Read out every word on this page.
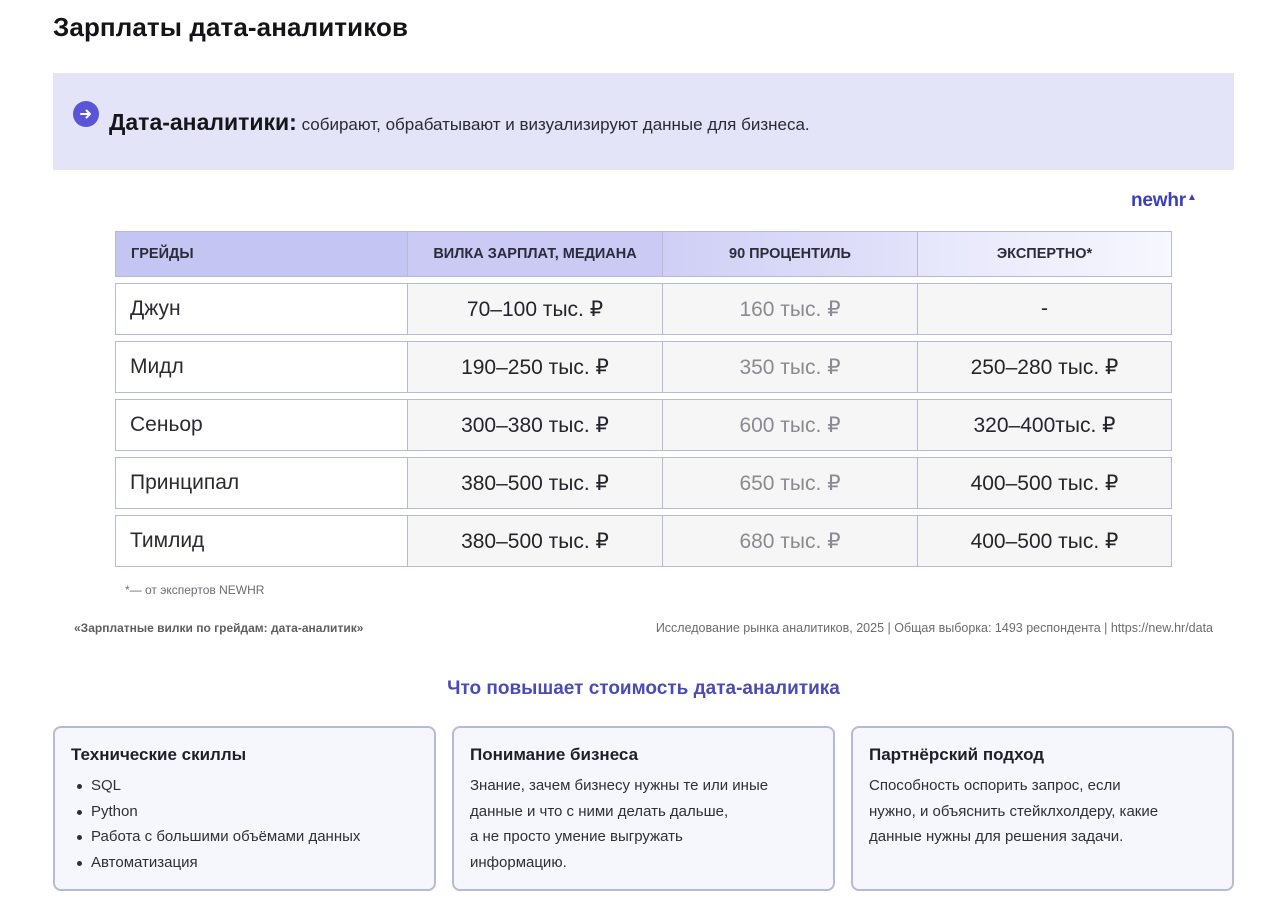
Зарплаты дата-аналитиков
Дата-аналитики: собирают, обрабатывают и визуализируют данные для бизнеса.
newhr▲
ГРЕЙДЫ	ВИЛКА ЗАРПЛАТ, МЕДИАНА	90 ПРОЦЕНТИЛЬ	ЭКСПЕРТНО*
Джун	70–100 тыс. ₽	160 тыс. ₽	-
Мидл	190–250 тыс. ₽	350 тыс. ₽	250–280 тыс. ₽
Сеньор	300–380 тыс. ₽	600 тыс. ₽	320–400тыс. ₽
Принципал	380–500 тыс. ₽	650 тыс. ₽	400–500 тыс. ₽
Тимлид	380–500 тыс. ₽	680 тыс. ₽	400–500 тыс. ₽
*— от экспертов NEWHR
«Зарплатные вилки по грейдам: дата-аналитик»	Исследование рынка аналитиков, 2025 | Общая выборка: 1493 респондента | https://new.hr/data
Что повышает стоимость дата-аналитика
Технические скиллы
SQL
Python
Работа с большими объёмами данных
Автоматизация
Понимание бизнеса
Знание, зачем бизнесу нужны те или иные
данные и что с ними делать дальше,
а не просто умение выгружать
информацию.
Партнёрский подход
Способность оспорить запрос, если
нужно, и объяснить стейклхолдеру, какие
данные нужны для решения задачи.
